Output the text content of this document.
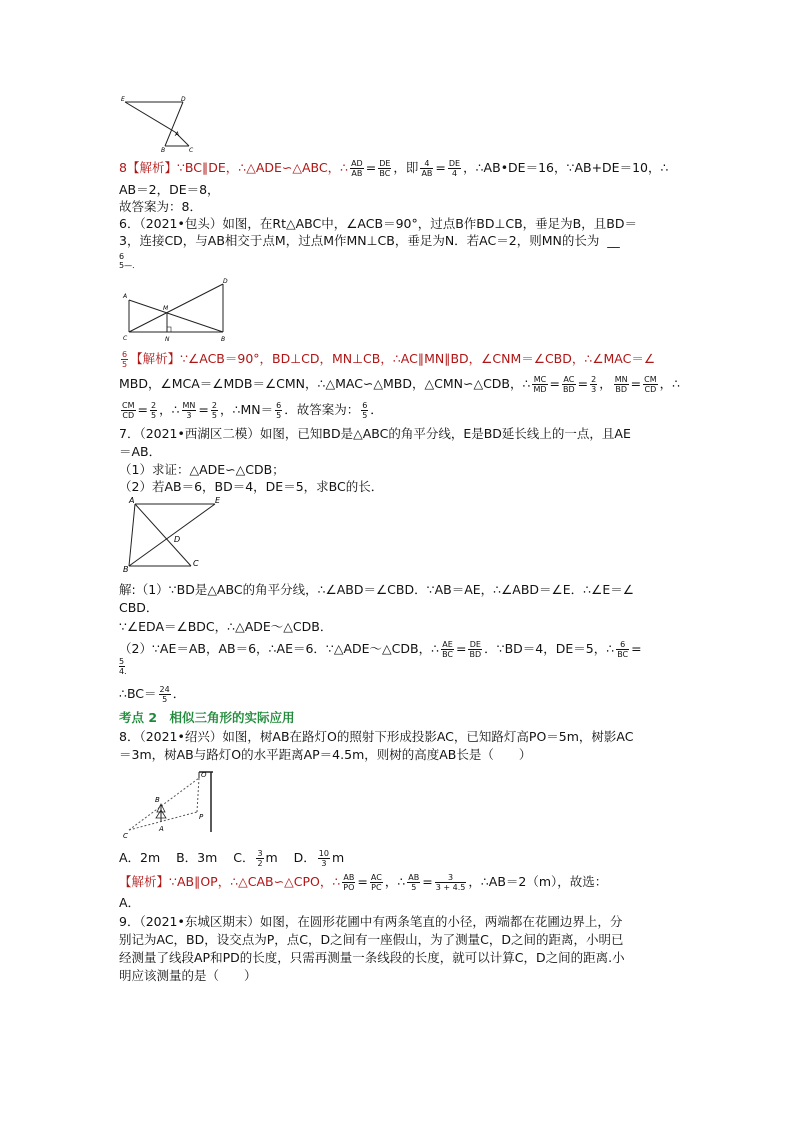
E	D
A
B	C
8【解析】∵BC∥DE，∴△ADE∽△ABC，∴ $\frac{AD}{AB} = \frac{DE}{BC}$ ，即 $\frac{4}{AB} = \frac{DE}{4}$ ，∴AB•DE＝16，∵AB+DE＝10，∴
AB＝2，DE＝8，
故答案为：8．
6．（2021•包头）如图，在Rt△ABC中，∠ACB＝90°，过点B作BD⊥CB，垂足为B，且BD＝
3，连接CD，与AB相交于点M，过点M作MN⊥CB，垂足为N．若AC＝2，则MN的长为  __
6
5—．
A
M
D
C	N	B
$\frac{6}{5}$ 【解析】∵∠ACB＝90°，BD⊥CD，MN⊥CB，∴AC∥MN∥BD，∠CNM＝∠CBD，∴∠MAC＝∠
MBD，∠MCA＝∠MDB＝∠CMN，∴△MAC∽△MBD，△CMN∽△CDB，∴ $\frac{MC}{MD} = \frac{AC}{BD} = \frac{2}{3}$ ， $\frac{MN}{BD} = \frac{CM}{CD}$ ，∴
$\frac{CM}{CD} = \frac{2}{5}$ ，∴ $\frac{MN}{3} = \frac{2}{5}$ ，∴MN＝ $\frac{6}{5}$ ．故答案为： $\frac{6}{5}$ ．
7．（2021•西湖区二模）如图，已知BD是△ABC的角平分线，E是BD延长线上的一点，且AE
＝AB．
（1）求证：△ADE∽△CDB；
（2）若AB＝6，BD＝4，DE＝5，求BC的长．
A	E
D
B
C
解:（1）∵BD是△ABC的角平分线，∴∠ABD＝∠CBD．∵AB＝AE，∴∠ABD＝∠E．∴∠E＝∠
CBD．
∵∠EDA＝∠BDC，∴△ADE～△CDB．
（2）∵AE＝AB，AB＝6，∴AE＝6．∵△ADE～△CDB，∴ $\frac{AE}{BC} = \frac{DE}{BD}$ ．∵BD＝4，DE＝5，∴ $\frac{6}{BC}$ =
5
4．
∴BC＝ $\frac{24}{5}$ ．
考点 2　相似三角形的实际应用
8．（2021•绍兴）如图，树AB在路灯O的照射下形成投影AC，已知路灯高PO＝5m，树影AC
＝3m，树AB与路灯O的水平距离AP＝4.5m，则树的高度AB长是（　　）
O
B
C
A
P
A．2m B．3m C． $\frac{3}{2}$ m D． $\frac{10}{3}$ m
【解析】∵AB∥OP，∴△CAB∽△CPO，∴ $\frac{AB}{PO} = \frac{AC}{PC}$ ，∴ $\frac{AB}{5} = \frac{3}{3 + 4.5}$ ，∴AB＝2（m），故选：
A．
9．（2021•东城区期末）如图，在圆形花圃中有两条笔直的小径，两端都在花圃边界上，分
别记为AC，BD，设交点为P，点C，D之间有一座假山，为了测量C，D之间的距离，小明已
经测量了线段AP和PD的长度，只需再测量一条线段的长度，就可以计算C，D之间的距离.小
明应该测量的是（　　）
